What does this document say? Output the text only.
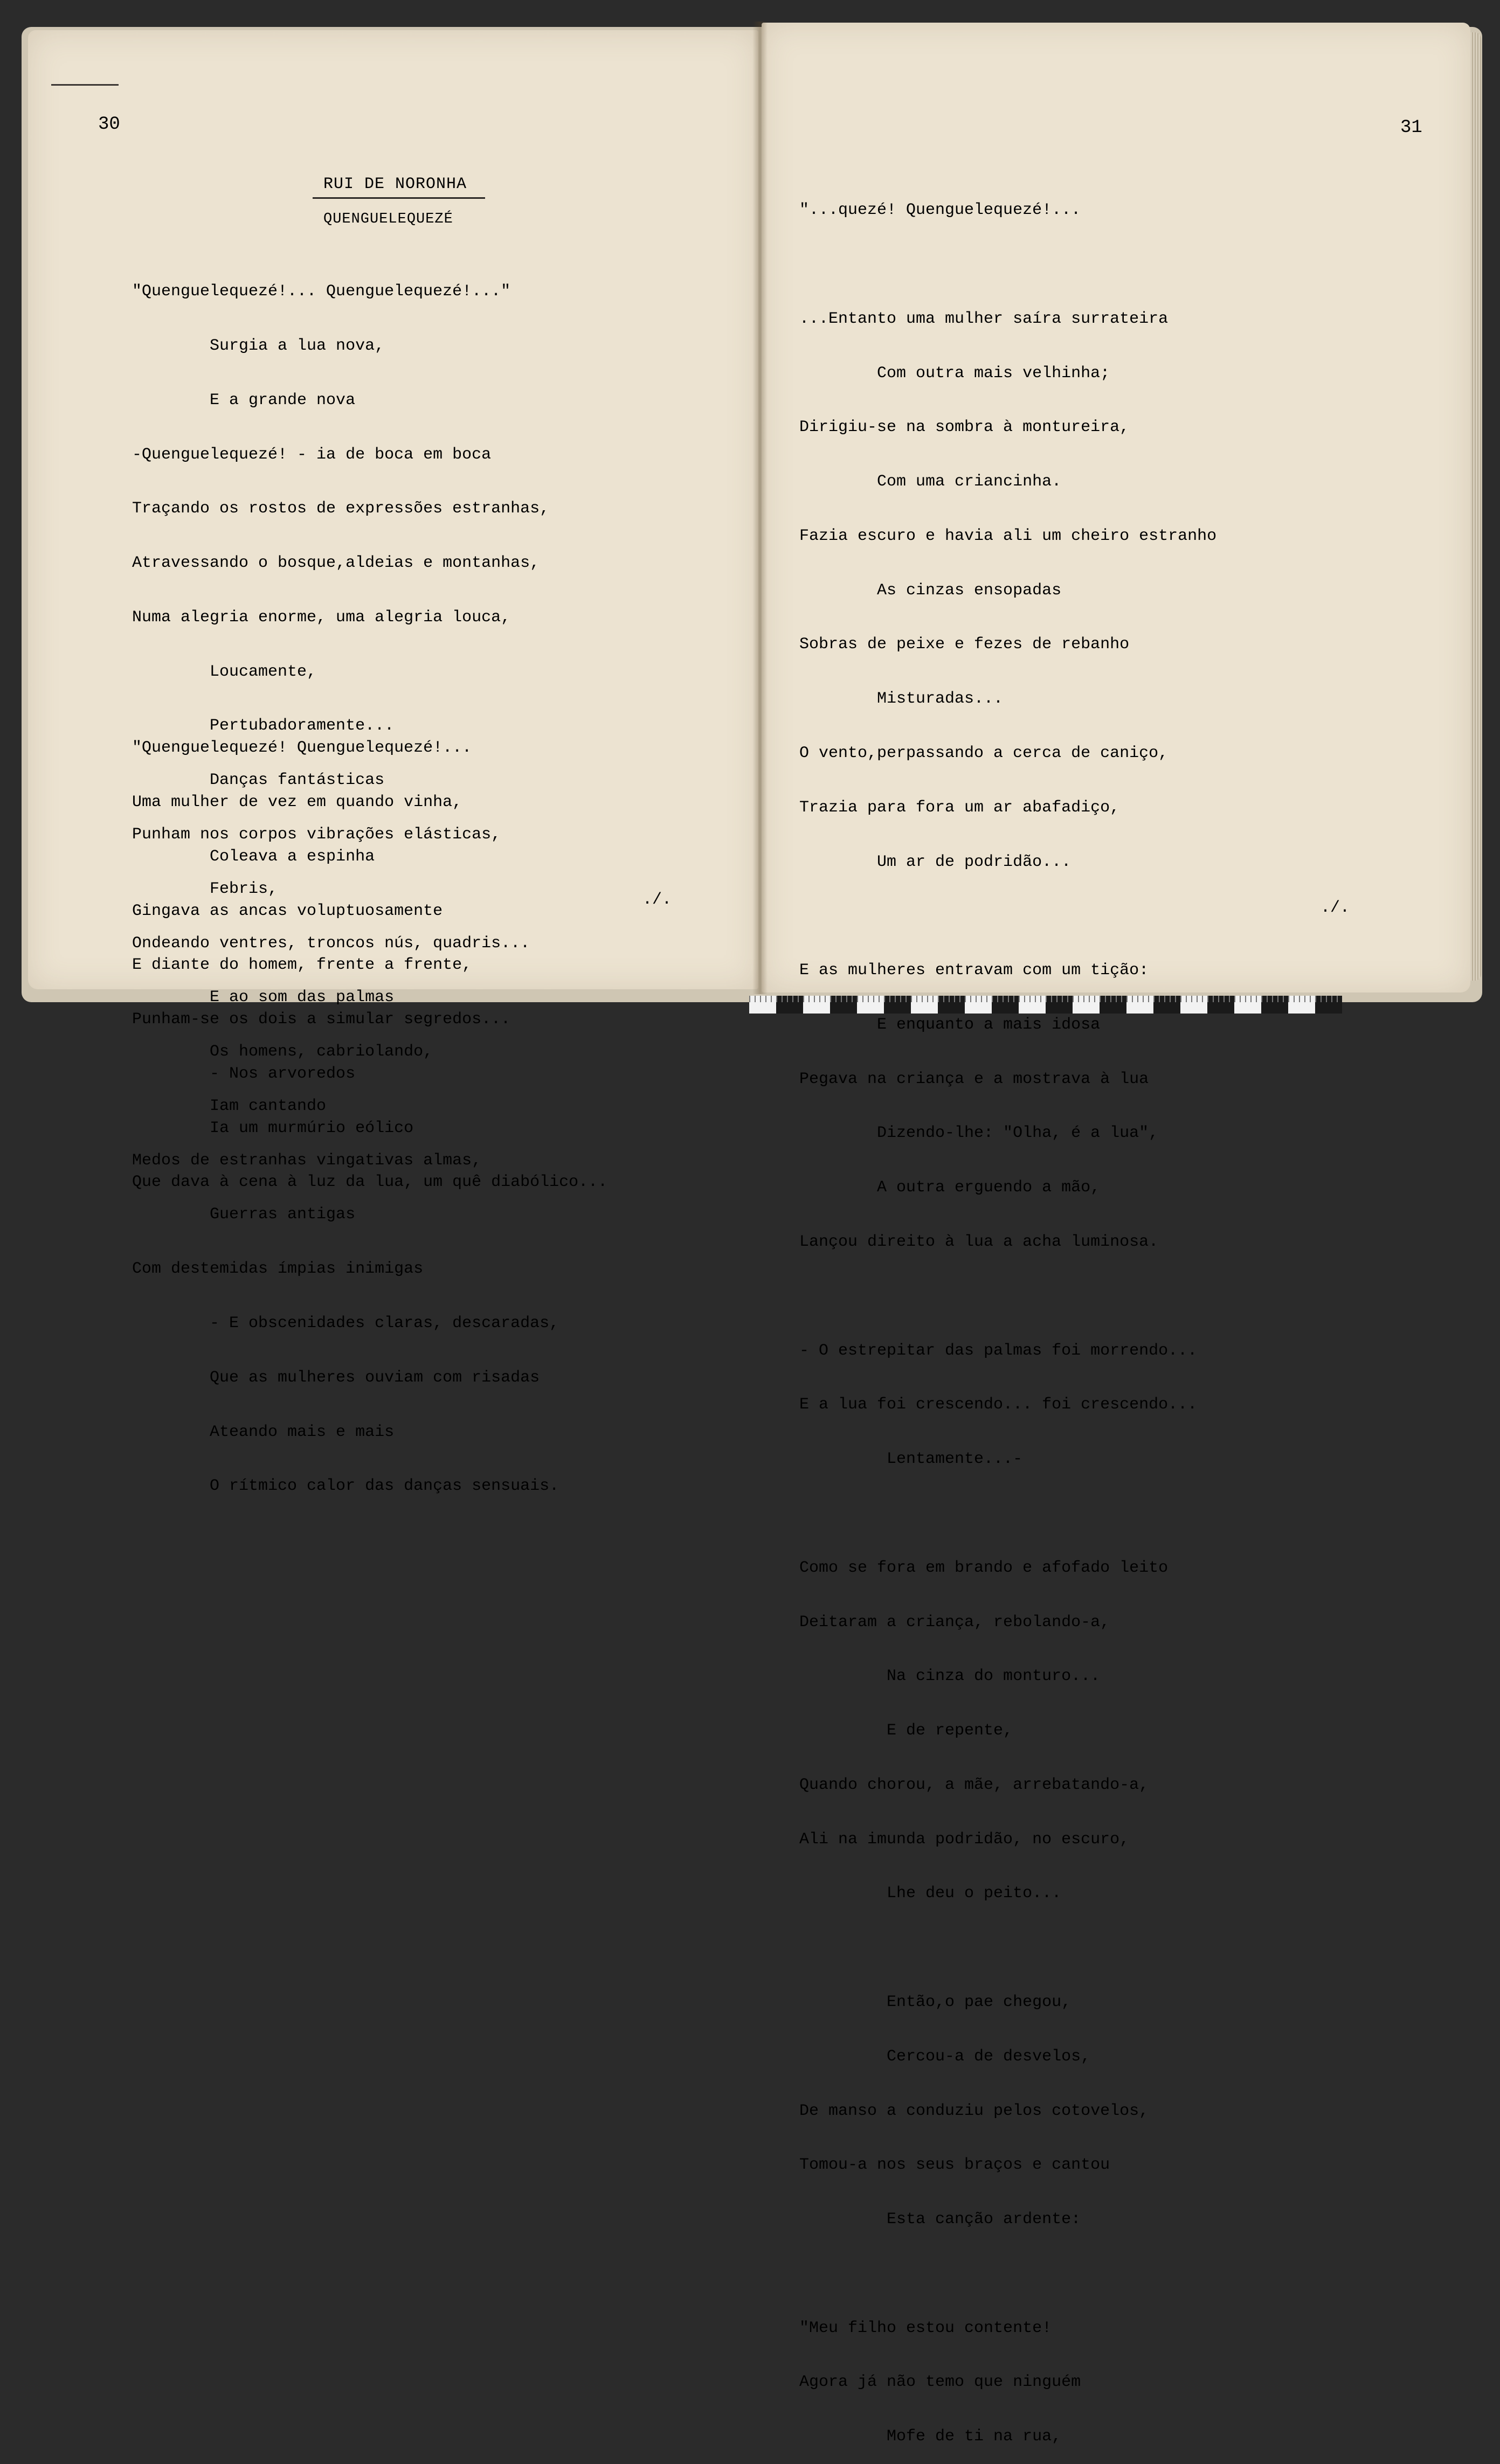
30	31
RUI DE NORONHA
QUENGUELEQUEZÉ

"Quenguelequezé!... Quenguelequezé!..."

Surgia a lua nova,

E a grande nova

-Quenguelequezé! - ia de boca em boca

Traçando os rostos de expressões estranhas,

Atravessando o bosque,aldeias e montanhas,

Numa alegria enorme, uma alegria louca,

Loucamente,

Pertubadoramente...

Danças fantásticas

Punham nos corpos vibrações elásticas,

Febris,

Ondeando ventres, troncos nús, quadris...

E ao som das palmas

Os homens, cabriolando,

Iam cantando

Medos de estranhas vingativas almas,

Guerras antigas

Com destemidas ímpias inimigas

- E obscenidades claras, descaradas,

Que as mulheres ouviam com risadas

Ateando mais e mais

O rítmico calor das danças sensuais.

"Quenguelequezé! Quenguelequezé!...

Uma mulher de vez em quando vinha,

Coleava a espinha

Gingava as ancas voluptuosamente

E diante do homem, frente a frente,

Punham-se os dois a simular segredos...

- Nos arvoredos

Ia um murmúrio eólico

Que dava à cena à luz da lua, um quê diabólico...

./.

"...quezé! Quenguelequezé!...

...Entanto uma mulher saíra surrateira

Com outra mais velhinha;

Dirigiu-se na sombra à montureira,

Com uma criancinha.

Fazia escuro e havia ali um cheiro estranho

As cinzas ensopadas

Sobras de peixe e fezes de rebanho

Misturadas...

O vento,perpassando a cerca de caniço,

Trazia para fora um ar abafadiço,

Um ar de podridão...

E as mulheres entravam com um tição:

E enquanto a mais idosa

Pegava na criança e a mostrava à lua

Dizendo-lhe: "Olha, é a lua",

A outra erguendo a mão,

Lançou direito à lua a acha luminosa.

- O estrepitar das palmas foi morrendo...

E a lua foi crescendo... foi crescendo...

Lentamente...-

Como se fora em brando e afofado leito

Deitaram a criança, rebolando-a,

Na cinza do monturo...

E de repente,

Quando chorou, a mãe, arrebatando-a,

Ali na imunda podridão, no escuro,

Lhe deu o peito...

Então,o pae chegou,

Cercou-a de desvelos,

De manso a conduziu pelos cotovelos,

Tomou-a nos seus braços e cantou

Esta canção ardente:

"Meu filho estou contente!

Agora já não temo que ninguém

Mofe de ti na rua,

./.
